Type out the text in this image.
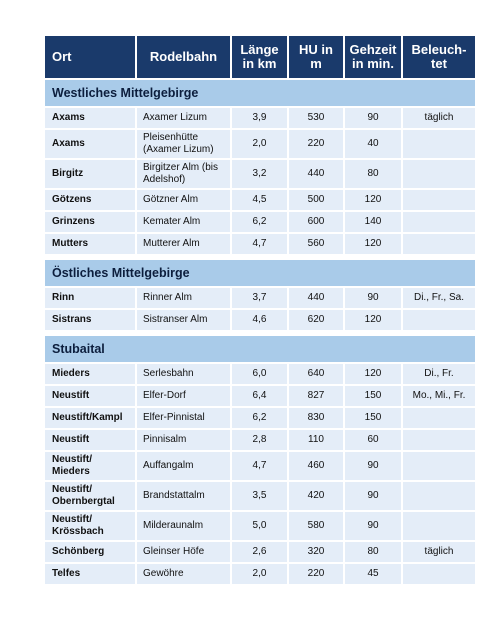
Ort	Rodelbahn	Länge in km	HU in m	Gehzeit in min.	Beleuch-tet
Westliches Mittelgebirge					
Axams	Axamer Lizum	3,9	530	90	täglich
Axams	Pleisenhütte (Axamer Lizum)	2,0	220	40	
Birgitz	Birgitzer Alm (bis Adelshof)	3,2	440	80	
Götzens	Götzner Alm	4,5	500	120	
Grinzens	Kemater Alm	6,2	600	140	
Mutters	Mutterer Alm	4,7	560	120	

Östliches Mittelgebirge					
Rinn	Rinner Alm	3,7	440	90	Di., Fr., Sa.
Sistrans	Sistranser Alm	4,6	620	120	

Stubaital					
Mieders	Serlesbahn	6,0	640	120	Di., Fr.
Neustift	Elfer-Dorf	6,4	827	150	Mo., Mi., Fr.
Neustift/Kampl	Elfer-Pinnistal	6,2	830	150	
Neustift	Pinnisalm	2,8	110	60	
Neustift/ Mieders	Auffangalm	4,7	460	90	
Neustift/ Obernbergtal	Brandstattalm	3,5	420	90	
Neustift/ Krössbach	Milderaunalm	5,0	580	90	
Schönberg	Gleinser Höfe	2,6	320	80	täglich
Telfes	Gewöhre	2,0	220	45	
